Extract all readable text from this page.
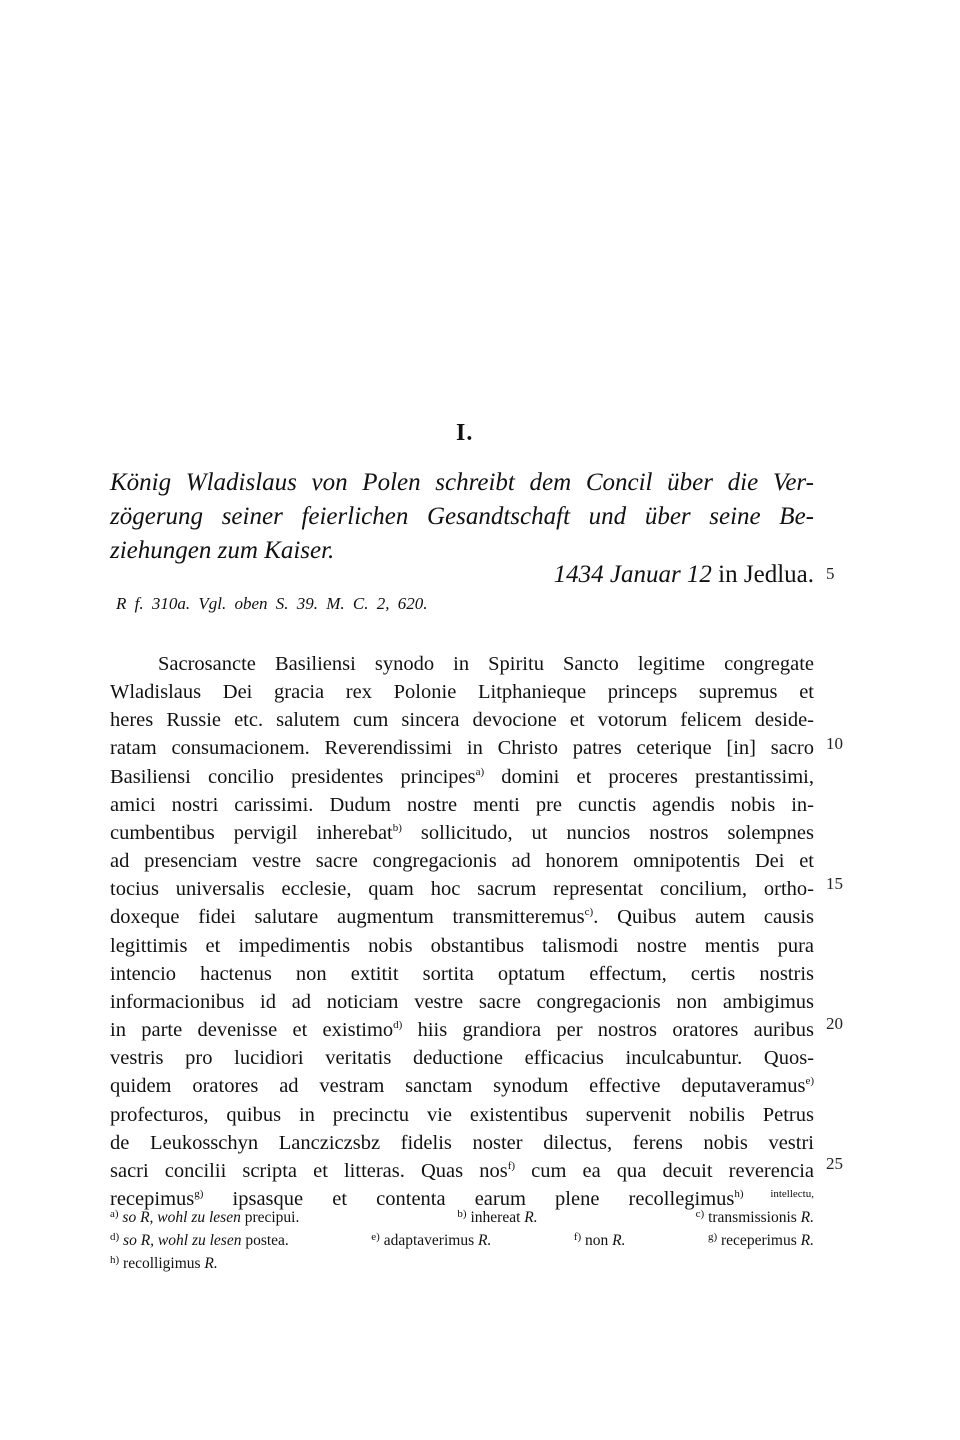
I.
König Wladislaus von Polen schreibt dem Concil über die Ver-
zögerung seiner feierlichen Gesandtschaft und über seine Be-
ziehungen zum Kaiser.
1434 Januar 12 in Jedlua.
R f. 310a. Vgl. oben S. 39. M. C. 2, 620.
5
10
15
20
25
Sacrosancte Basiliensi synodo in Spiritu Sancto legitime congregate
Wladislaus Dei gracia rex Polonie Litphanieque princeps supremus et
heres Russie etc. salutem cum sincera devocione et votorum felicem deside-
ratam consumacionem. Reverendissimi in Christo patres ceterique [in] sacro
Basiliensi concilio presidentes principes$^{a)}$ domini et proceres prestantissimi,
amici nostri carissimi. Dudum nostre menti pre cunctis agendis nobis in-
cumbentibus pervigil inherebat$^{b)}$ sollicitudo, ut nuncios nostros solempnes
ad presenciam vestre sacre congregacionis ad honorem omnipotentis Dei et
tocius universalis ecclesie, quam hoc sacrum representat concilium, ortho-
doxeque fidei salutare augmentum transmitteremus$^{c)}$. Quibus autem causis
legittimis et impedimentis nobis obstantibus talismodi nostre mentis pura
intencio hactenus non extitit sortita optatum effectum, certis nostris
informacionibus id ad noticiam vestre sacre congregacionis non ambigimus
in parte devenisse et existimo$^{d)}$ hiis grandiora per nostros oratores auribus
vestris pro lucidiori veritatis deductione efficacius inculcabuntur. Quos-
quidem oratores ad vestram sanctam synodum effective deputaveramus$^{e)}$
profecturos, quibus in precinctu vie existentibus supervenit nobilis Petrus
de Leukosschyn Lancziczsbz fidelis noster dilectus, ferens nobis vestri
sacri concilii scripta et litteras. Quas nos$^{f)}$ cum ea qua decuit reverencia
recepimus$^{g)}$ ipsasque et contenta earum plene recollegimus$^{h)}$ $^{intellectu,}$
$^{a)}$ so R, wohl zu lesen precipui.	$^{b)}$ inhereat R.	$^{c)}$ transmissionis R.
$^{d)}$ so R, wohl zu lesen postea.	$^{e)}$ adaptaverimus R.	$^{f)}$ non R.	$^{g)}$ receperimus R.
$^{h)}$ recolligimus R.
